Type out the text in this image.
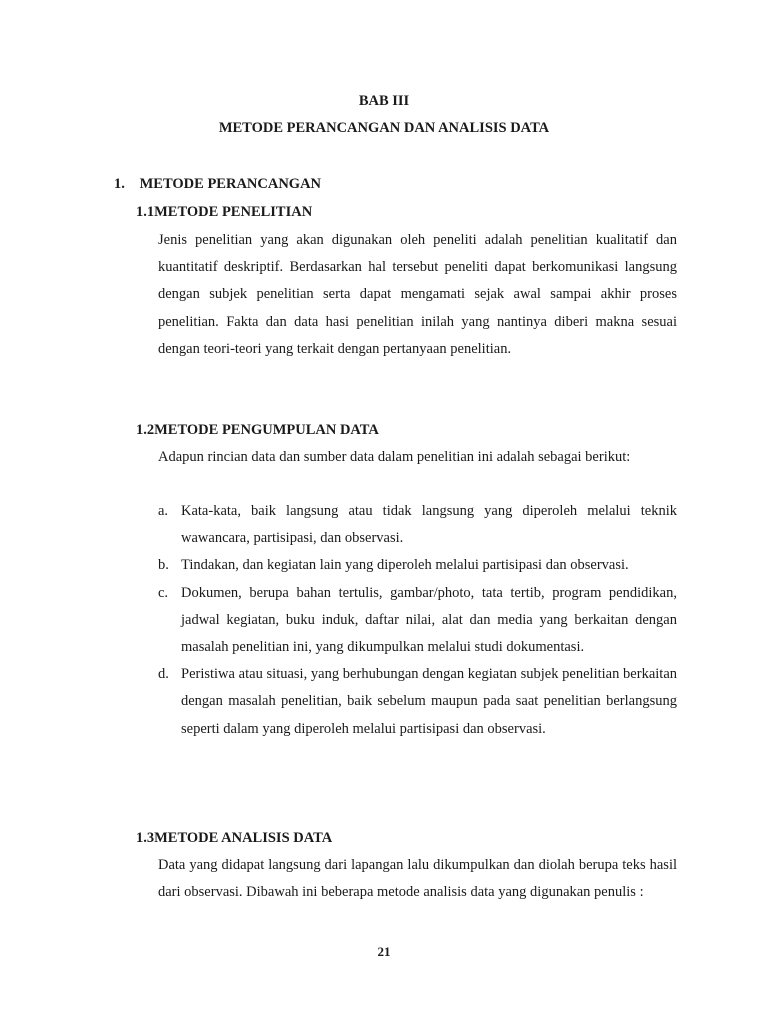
BAB III
METODE PERANCANGAN DAN ANALISIS DATA
1. METODE PERANCANGAN
1.1METODE PENELITIAN
Jenis penelitian yang akan digunakan oleh peneliti adalah penelitian kualitatif dan kuantitatif deskriptif. Berdasarkan hal tersebut peneliti dapat berkomunikasi langsung dengan subjek penelitian serta dapat mengamati sejak awal sampai akhir proses penelitian. Fakta dan data hasi penelitian inilah yang nantinya diberi makna sesuai dengan teori-teori yang terkait dengan pertanyaan penelitian.
1.2METODE PENGUMPULAN DATA
Adapun rincian data dan sumber data dalam penelitian ini adalah sebagai berikut:
a. Kata-kata, baik langsung atau tidak langsung yang diperoleh melalui teknik wawancara, partisipasi, dan observasi.
b. Tindakan, dan kegiatan lain yang diperoleh melalui partisipasi dan observasi.
c. Dokumen, berupa bahan tertulis, gambar/photo, tata tertib, program pendidikan, jadwal kegiatan, buku induk, daftar nilai, alat dan media yang berkaitan dengan masalah penelitian ini, yang dikumpulkan melalui studi dokumentasi.
d. Peristiwa atau situasi, yang berhubungan dengan kegiatan subjek penelitian berkaitan dengan masalah penelitian, baik sebelum maupun pada saat penelitian berlangsung seperti dalam yang diperoleh melalui partisipasi dan observasi.
1.3METODE ANALISIS DATA
Data yang didapat langsung dari lapangan lalu dikumpulkan dan diolah berupa teks hasil dari observasi. Dibawah ini beberapa metode analisis data yang digunakan penulis :
21
